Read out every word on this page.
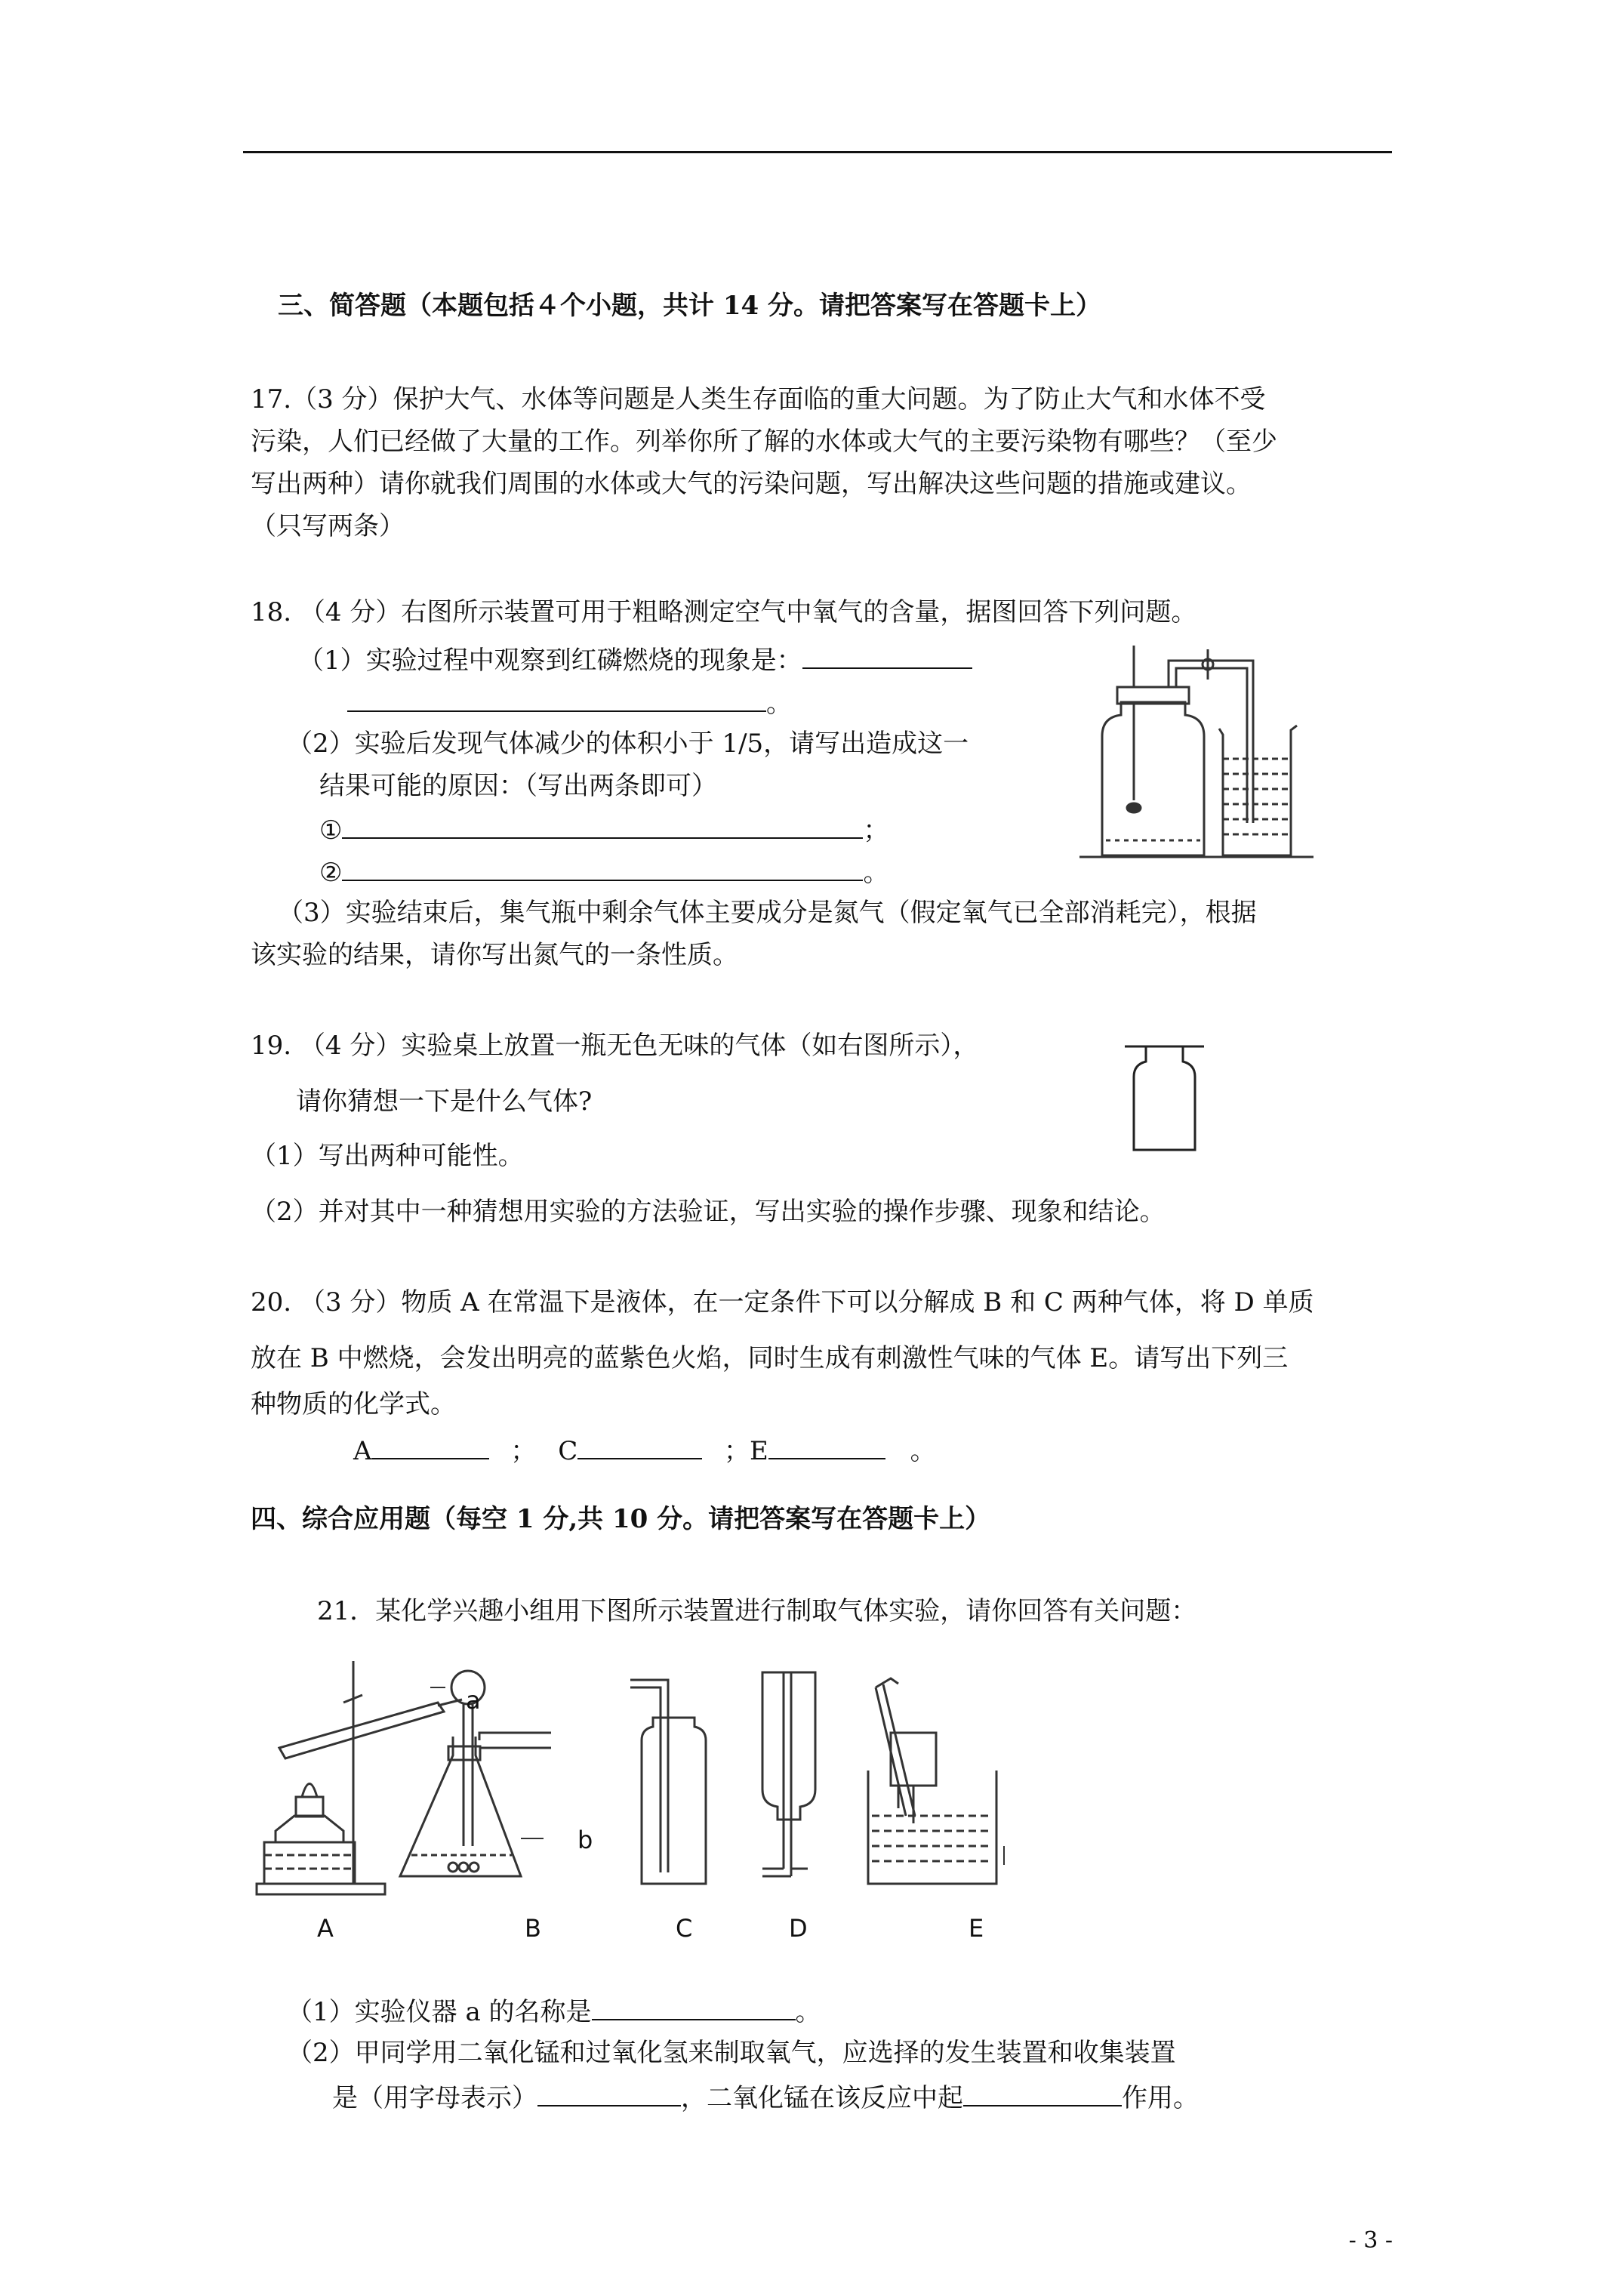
三、简答题（本题包括４个小题，共计 14 分。请把答案写在答题卡上）
17.（3 分）保护大气、水体等问题是人类生存面临的重大问题。为了防止大气和水体不受
污染，人们已经做了大量的工作。列举你所了解的水体或大气的主要污染物有哪些？（至少
写出两种）请你就我们周围的水体或大气的污染问题，写出解决这些问题的措施或建议。
（只写两条）
18. （4 分）右图所示装置可用于粗略测定空气中氧气的含量，据图回答下列问题。
（1）实验过程中观察到红磷燃烧的现象是：
。
（2）实验后发现气体减少的体积小于 1/5，请写出造成这一
结果可能的原因：（写出两条即可）
①	；
②	。
（3）实验结束后，集气瓶中剩余气体主要成分是氮气（假定氧气已全部消耗完），根据
该实验的结果，请你写出氮气的一条性质。
19. （4 分）实验桌上放置一瓶无色无味的气体（如右图所示），
请你猜想一下是什么气体?
（1）写出两种可能性。
（2）并对其中一种猜想用实验的方法验证，写出实验的操作步骤、现象和结论。
20. （3 分）物质 A 在常温下是液体，在一定条件下可以分解成 B 和 C 两种气体，将 D 单质
放在 B 中燃烧，会发出明亮的蓝紫色火焰，同时生成有刺激性气味的气体 E。请写出下列三
种物质的化学式。
A	； C	；E	。
四、综合应用题（每空 1 分,共 10 分。请把答案写在答题卡上）
21．某化学兴趣小组用下图所示装置进行制取气体实验，请你回答有关问题：
a
b
A	B	C	D	E
（1）实验仪器 a 的名称是	。
（2）甲同学用二氧化锰和过氧化氢来制取氧气，应选择的发生装置和收集装置
是（用字母表示）	，二氧化锰在该反应中起	作用。
- 3 -
